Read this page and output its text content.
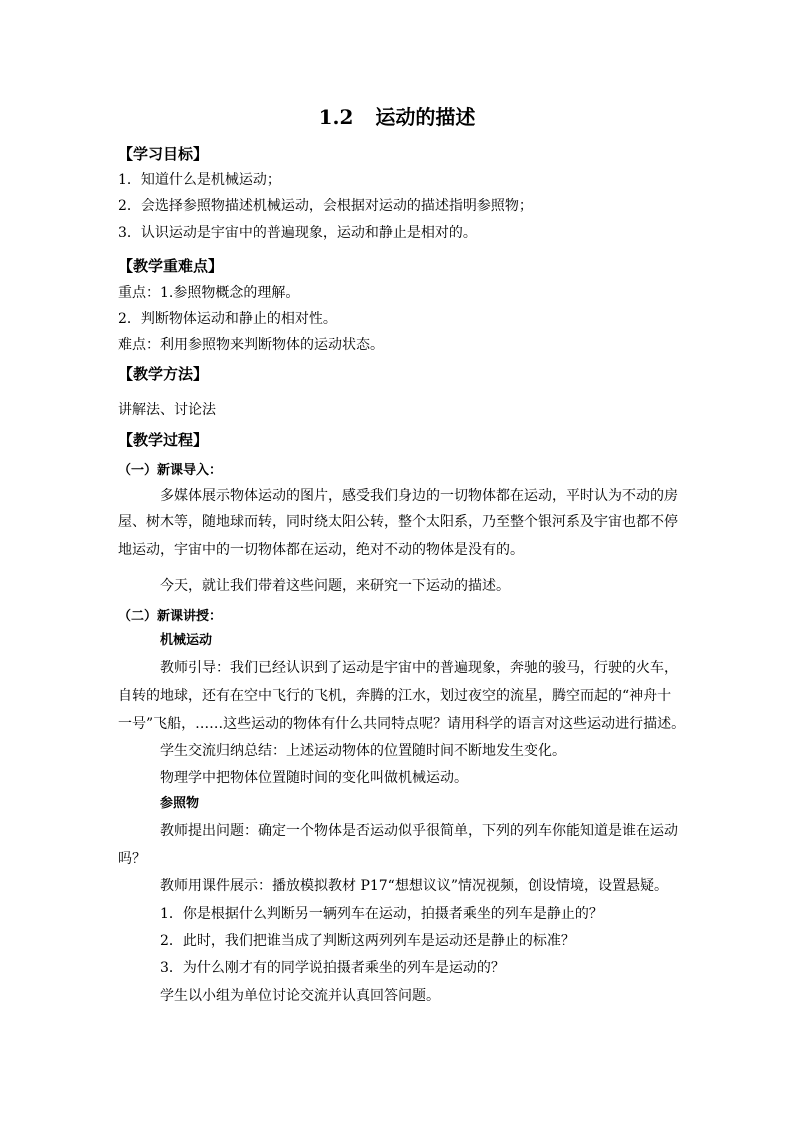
1.2 运动的描述
【学习目标】
1．知道什么是机械运动；
2．会选择参照物描述机械运动，会根据对运动的描述指明参照物；
3．认识运动是宇宙中的普遍现象，运动和静止是相对的。
【教学重难点】
重点：1.参照物概念的理解。
2．判断物体运动和静止的相对性。
难点：利用参照物来判断物体的运动状态。
【教学方法】
讲解法、讨论法
【教学过程】
（一）新课导入：
多媒体展示物体运动的图片，感受我们身边的一切物体都在运动，平时认为不动的房
屋、树木等，随地球而转，同时绕太阳公转，整个太阳系，乃至整个银河系及宇宙也都不停
地运动，宇宙中的一切物体都在运动，绝对不动的物体是没有的。
今天，就让我们带着这些问题，来研究一下运动的描述。
（二）新课讲授：
机械运动
教师引导：我们已经认识到了运动是宇宙中的普遍现象，奔驰的骏马，行驶的火车，
自转的地球，还有在空中飞行的飞机，奔腾的江水，划过夜空的流星，腾空而起的“神舟十
一号”飞船，……这些运动的物体有什么共同特点呢？请用科学的语言对这些运动进行描述。
学生交流归纳总结：上述运动物体的位置随时间不断地发生变化。
物理学中把物体位置随时间的变化叫做机械运动。
参照物
教师提出问题：确定一个物体是否运动似乎很简单，下列的列车你能知道是谁在运动
吗？
教师用课件展示：播放模拟教材 P17“想想议议”情况视频，创设情境，设置悬疑。
1．你是根据什么判断另一辆列车在运动，拍摄者乘坐的列车是静止的？
2．此时，我们把谁当成了判断这两列列车是运动还是静止的标准？
3．为什么刚才有的同学说拍摄者乘坐的列车是运动的？
学生以小组为单位讨论交流并认真回答问题。
